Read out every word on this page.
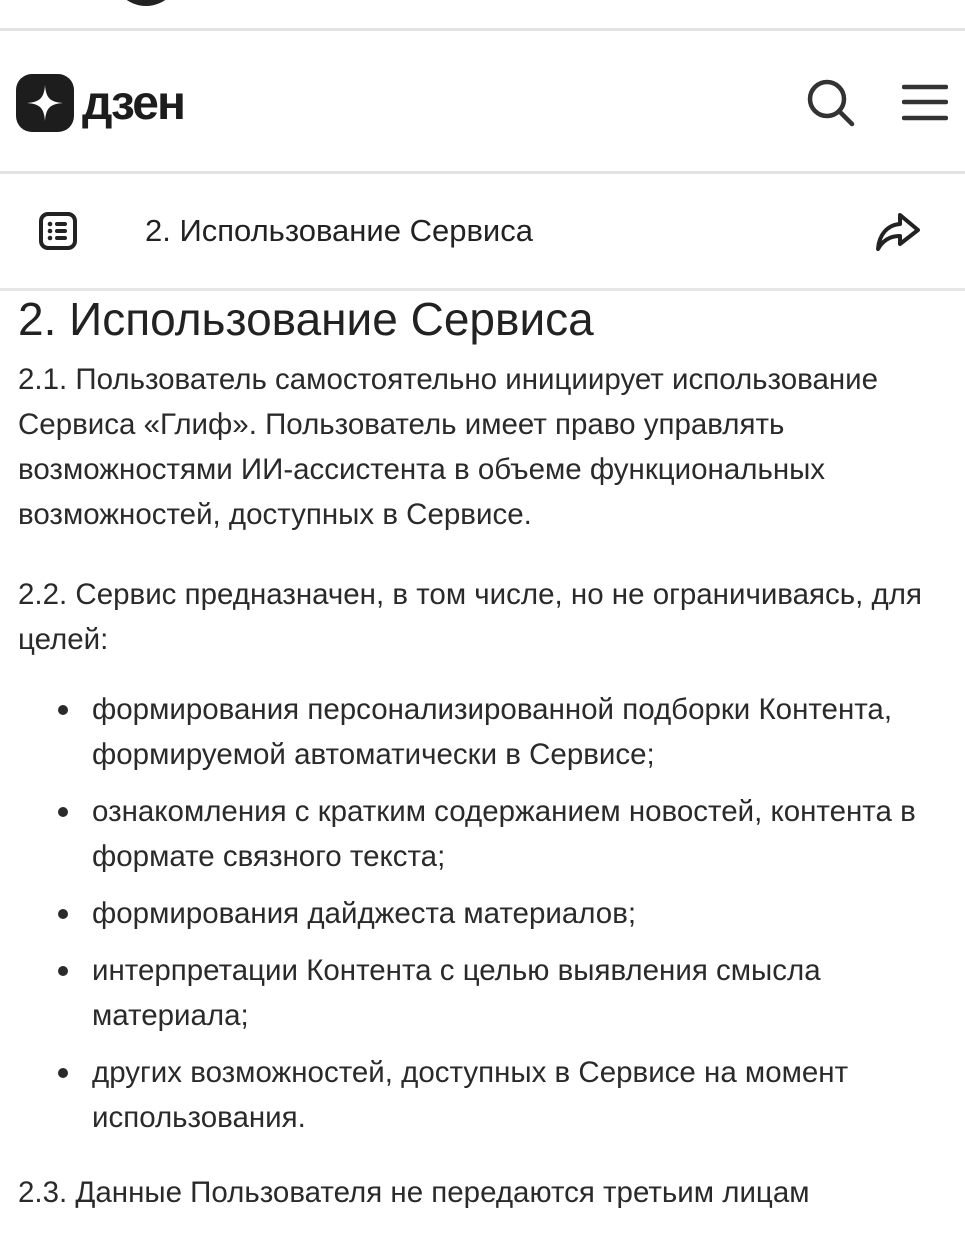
дзен
2. Использование Сервиса
2. Использование Сервиса

2.1. Пользователь самостоятельно инициирует использование Сервиса «Глиф». Пользователь имеет право управлять возможностями ИИ-ассистента в объеме функциональных возможностей, доступных в Сервисе.

2.2. Сервис предназначен, в том числе, но не ограничиваясь, для целей:

формирования персонализированной подборки Контента, формируемой автоматически в Сервисе;
ознакомления с кратким содержанием новостей, контента в формате связного текста;
формирования дайджеста материалов;
интерпретации Контента с целью выявления смысла материала;
других возможностей, доступных в Сервисе на момент использования.

2.3. Данные Пользователя не передаются третьим лицам
